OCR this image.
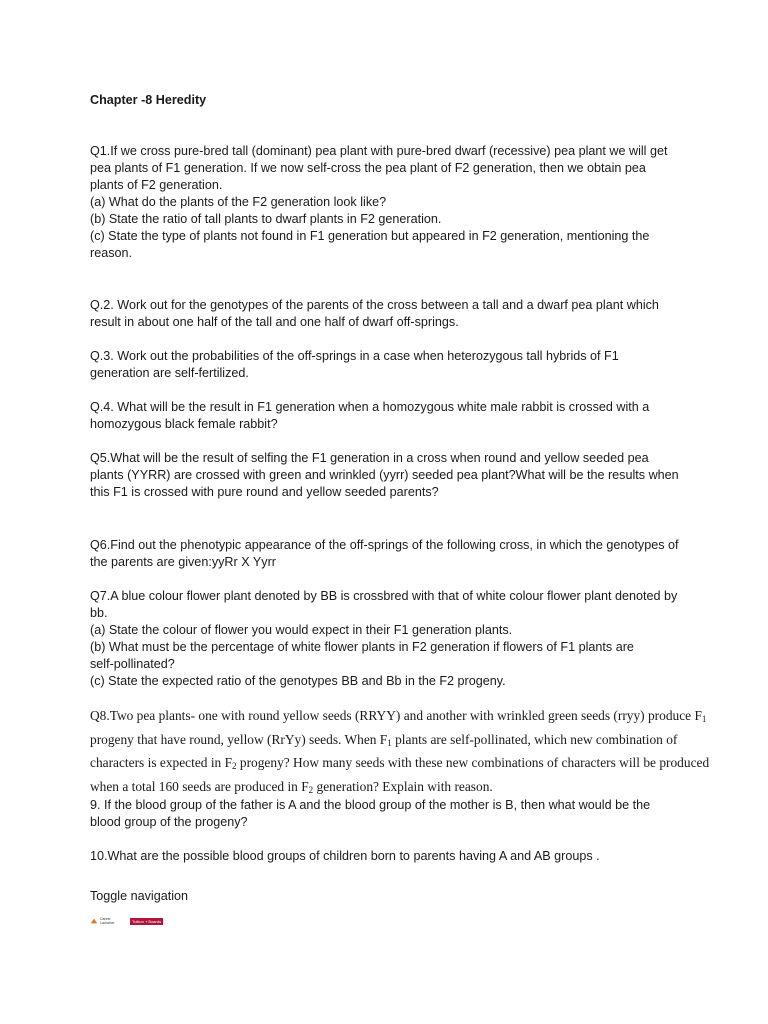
Chapter -8 Heredity
Q1.If we cross pure-bred tall (dominant) pea plant with pure-bred dwarf (recessive) pea plant we will get
pea plants of F1 generation. If we now self-cross the pea plant of F2 generation, then we obtain pea
plants of F2 generation.
(a) What do the plants of the F2 generation look like?
(b) State the ratio of tall plants to dwarf plants in F2 generation.
(c) State the type of plants not found in F1 generation but appeared in F2 generation, mentioning the
reason.
Q.2. Work out for the genotypes of the parents of the cross between a tall and a dwarf pea plant which
result in about one half of the tall and one half of dwarf off-springs.
Q.3. Work out the probabilities of the off-springs in a case when heterozygous tall hybrids of F1
generation are self-fertilized.
Q.4. What will be the result in F1 generation when a homozygous white male rabbit is crossed with a
homozygous black female rabbit?
Q5.What will be the result of selfing the F1 generation in a cross when round and yellow seeded pea
plants (YYRR) are crossed with green and wrinkled (yyrr) seeded pea plant?What will be the results when
this F1 is crossed with pure round and yellow seeded parents?
Q6.Find out the phenotypic appearance of the off-springs of the following cross, in which the genotypes of
the parents are given:yyRr X Yyrr
Q7.A blue colour flower plant denoted by BB is crossbred with that of white colour flower plant denoted by
bb.
(a) State the colour of flower you would expect in their F1 generation plants.
(b) What must be the percentage of white flower plants in F2 generation if flowers of F1 plants are
self-pollinated?
(c) State the expected ratio of the genotypes BB and Bb in the F2 progeny.
Q8.Two pea plants- one with round yellow seeds (RRYY) and another with wrinkled green seeds (rryy) produce $F_1$
progeny that have round, yellow (RrYy) seeds. When $F_1$ plants are self-pollinated, which new combination of
characters is expected in $F_2$ progeny? How many seeds with these new combinations of characters will be produced
when a total 160 seeds are produced in $F_2$ generation? Explain with reason.
9. If the blood group of the father is A and the blood group of the mother is B, then what would be the
blood group of the progeny?
10.What are the possible blood groups of children born to parents having A and AB groups .
Toggle navigation
Career
Launcher	Tuition + Boards
